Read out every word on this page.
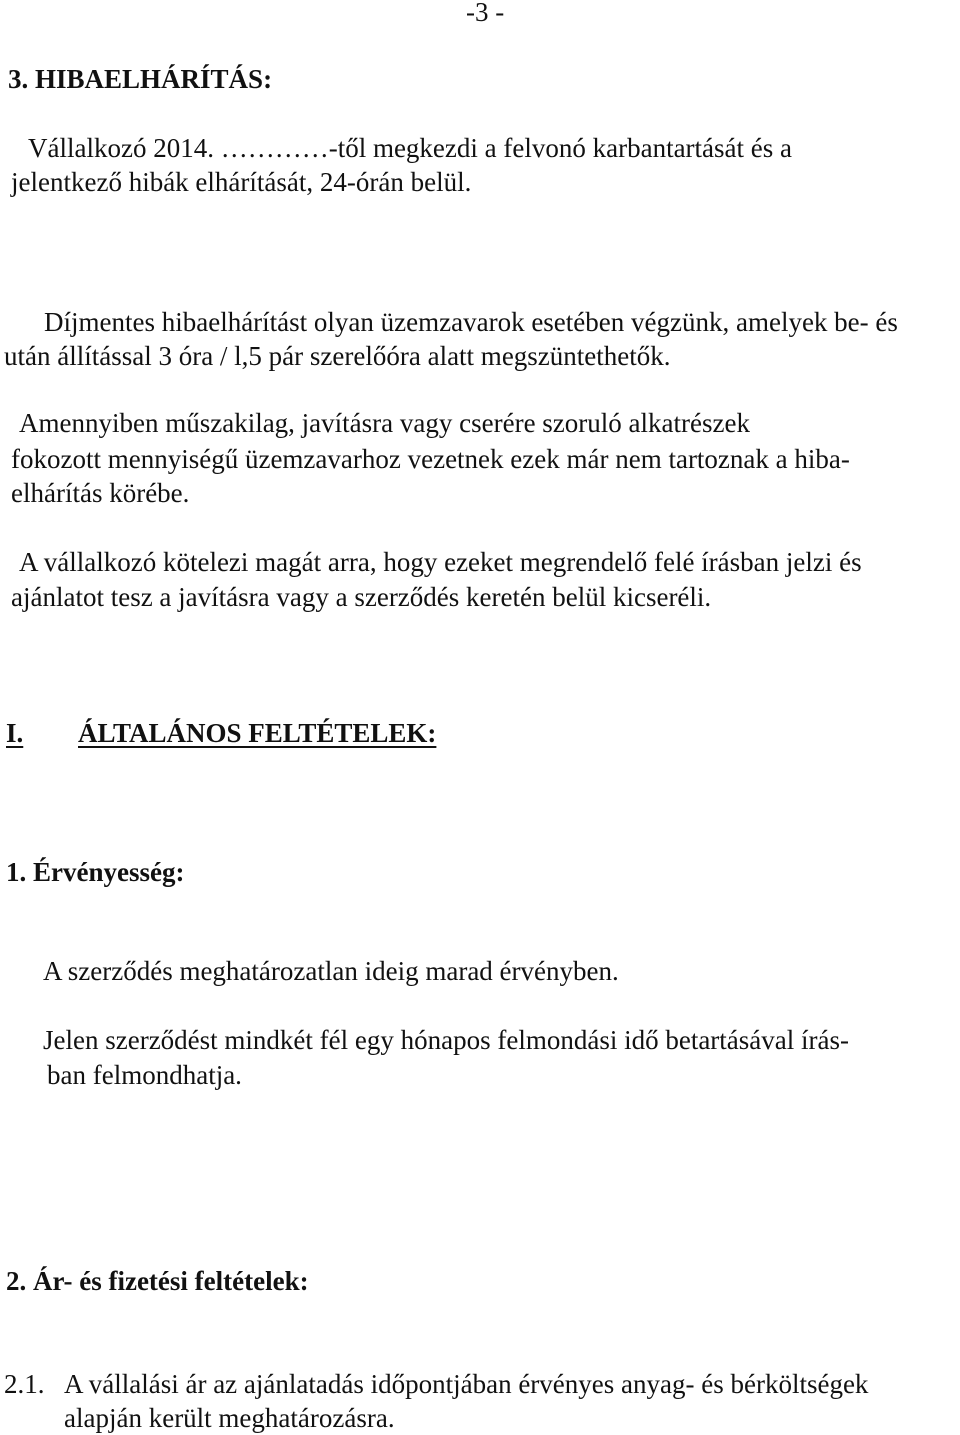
-3 -
3. HIBAELHÁRÍTÁS:
Vállalkozó 2014. …………-től megkezdi a felvonó karbantartását és a
jelentkező hibák elhárítását, 24-órán belül.
Díjmentes hibaelhárítást olyan üzemzavarok esetében végzünk, amelyek be- és
után állítással 3 óra / l,5 pár szerelőóra alatt megszüntethetők.
Amennyiben műszakilag, javításra vagy cserére szoruló alkatrészek
fokozott mennyiségű üzemzavarhoz vezetnek ezek már nem tartoznak a hiba-
elhárítás körébe.
A vállalkozó kötelezi magát arra, hogy ezeket megrendelő felé írásban jelzi és
ajánlatot tesz a javításra vagy a szerződés keretén belül kicseréli.
I. ÁLTALÁNOS FELTÉTELEK:
1. Érvényesség:
A szerződés meghatározatlan ideig marad érvényben.
Jelen szerződést mindkét fél egy hónapos felmondási idő betartásával írás-
ban felmondhatja.
2. Ár- és fizetési feltételek:
2.1. A vállalási ár az ajánlatadás időpontjában érvényes anyag- és bérköltségek
alapján került meghatározásra.
